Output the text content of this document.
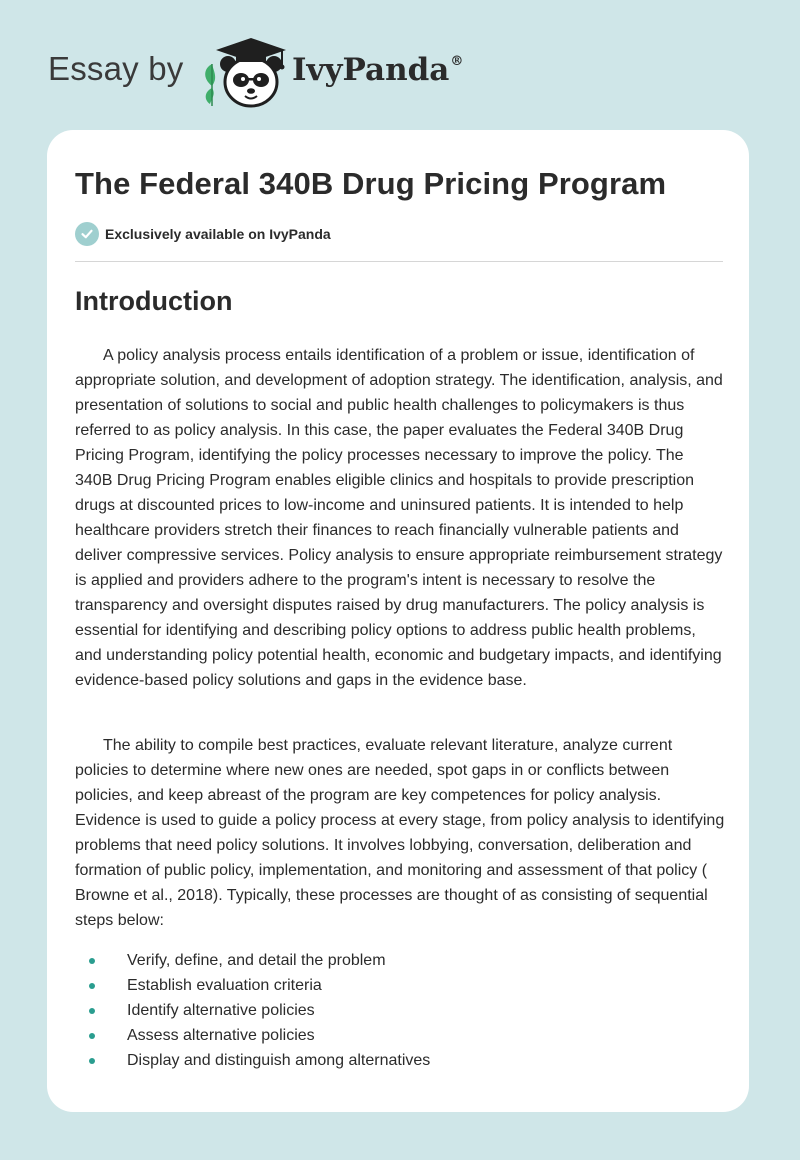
Essay by	IvyPanda®
The Federal 340B Drug Pricing Program
Exclusively available on IvyPanda
Introduction

A policy analysis process entails identification of a problem or issue, identification of appropriate solution, and development of adoption strategy. The identification, analysis, and presentation of solutions to social and public health challenges to policymakers is thus referred to as policy analysis. In this case, the paper evaluates the Federal 340B Drug Pricing Program, identifying the policy processes necessary to improve the policy. The 340B Drug Pricing Program enables eligible clinics and hospitals to provide prescription drugs at discounted prices to low-income and uninsured patients. It is intended to help healthcare providers stretch their finances to reach financially vulnerable patients and deliver compressive services. Policy analysis to ensure appropriate reimbursement strategy is applied and providers adhere to the program's intent is necessary to resolve the transparency and oversight disputes raised by drug manufacturers. The policy analysis is essential for identifying and describing policy options to address public health problems, and understanding policy potential health, economic and budgetary impacts, and identifying evidence-based policy solutions and gaps in the evidence base.

The ability to compile best practices, evaluate relevant literature, analyze current policies to determine where new ones are needed, spot gaps in or conflicts between policies, and keep abreast of the program are key competences for policy analysis. Evidence is used to guide a policy process at every stage, from policy analysis to identifying problems that need policy solutions. It involves lobbying, conversation, deliberation and formation of public policy, implementation, and monitoring and assessment of that policy ( Browne et al., 2018). Typically, these processes are thought of as consisting of sequential steps below:

Verify, define, and detail the problem
Establish evaluation criteria
Identify alternative policies
Assess alternative policies
Display and distinguish among alternatives
